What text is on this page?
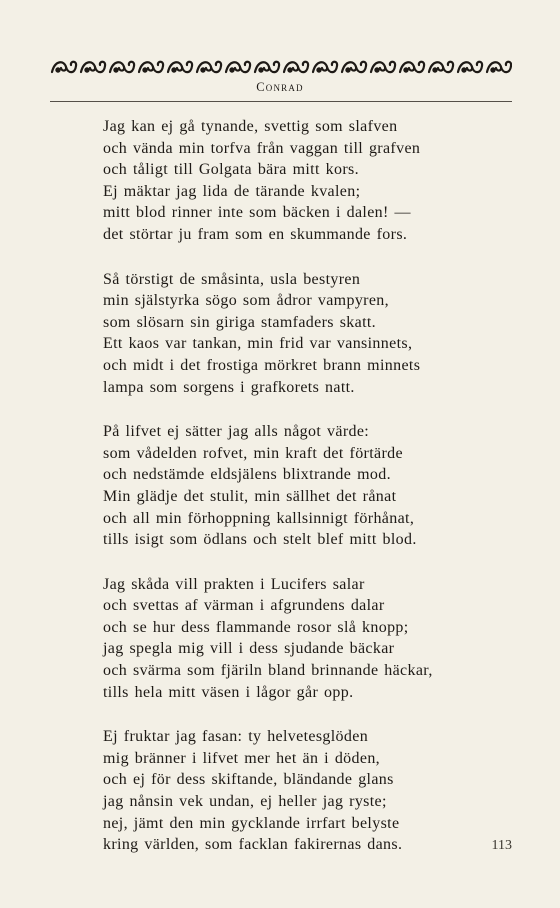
Conrad
Jag kan ej gå tynande, svettig som slafven
och vända min torfva från vaggan till grafven
och tåligt till Golgata bära mitt kors.
Ej mäktar jag lida de tärande kvalen;
mitt blod rinner inte som bäcken i dalen! —
det störtar ju fram som en skummande fors.
Så törstigt de småsinta, usla bestyren
min själstyrka sögo som ådror vampyren,
som slösarn sin giriga stamfaders skatt.
Ett kaos var tankan, min frid var vansinnets,
och midt i det frostiga mörkret brann minnets
lampa som sorgens i grafkorets natt.
På lifvet ej sätter jag alls något värde:
som vådelden rofvet, min kraft det förtärde
och nedstämde eldsjälens blixtrande mod.
Min glädje det stulit, min sällhet det rånat
och all min förhoppning kallsinnigt förhånat,
tills isigt som ödlans och stelt blef mitt blod.
Jag skåda vill prakten i Lucifers salar
och svettas af värman i afgrundens dalar
och se hur dess flammande rosor slå knopp;
jag spegla mig vill i dess sjudande bäckar
och svärma som fjäriln bland brinnande häckar,
tills hela mitt väsen i lågor går opp.
Ej fruktar jag fasan: ty helvetesglöden
mig bränner i lifvet mer het än i döden,
och ej för dess skiftande, bländande glans
jag nånsin vek undan, ej heller jag ryste;
nej, jämt den min gycklande irrfart belyste
kring världen, som facklan fakirernas dans.	113
